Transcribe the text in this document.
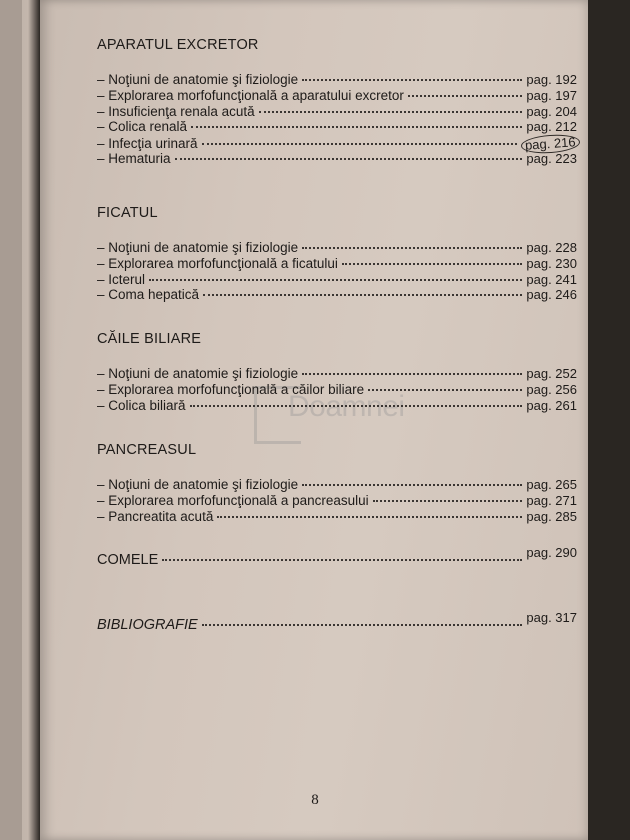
Doamnei
APARATUL EXCRETOR
– Noţiuni de anatomie şi fiziologie	pag. 192
– Explorarea morfofuncţională a aparatului excretor	pag. 197
– Insuficienţa renala acută	pag. 204
– Colica renală	pag. 212
– Infecţia urinară	pag. 216
– Hematuria	pag. 223
FICATUL
– Noţiuni de anatomie şi fiziologie	pag. 228
– Explorarea morfofuncţională a ficatului	pag. 230
– Icterul	pag. 241
– Coma hepatică	pag. 246
CĂILE BILIARE
– Noţiuni de anatomie şi fiziologie	pag. 252
– Explorarea morfofuncţională a căilor biliare	pag. 256
– Colica biliară	pag. 261
PANCREASUL
– Noţiuni de anatomie şi fiziologie	pag. 265
– Explorarea morfofuncţională a pancreasului	pag. 271
– Pancreatita acută	pag. 285
COMELE	pag. 290
BIBLIOGRAFIE	pag. 317
8
